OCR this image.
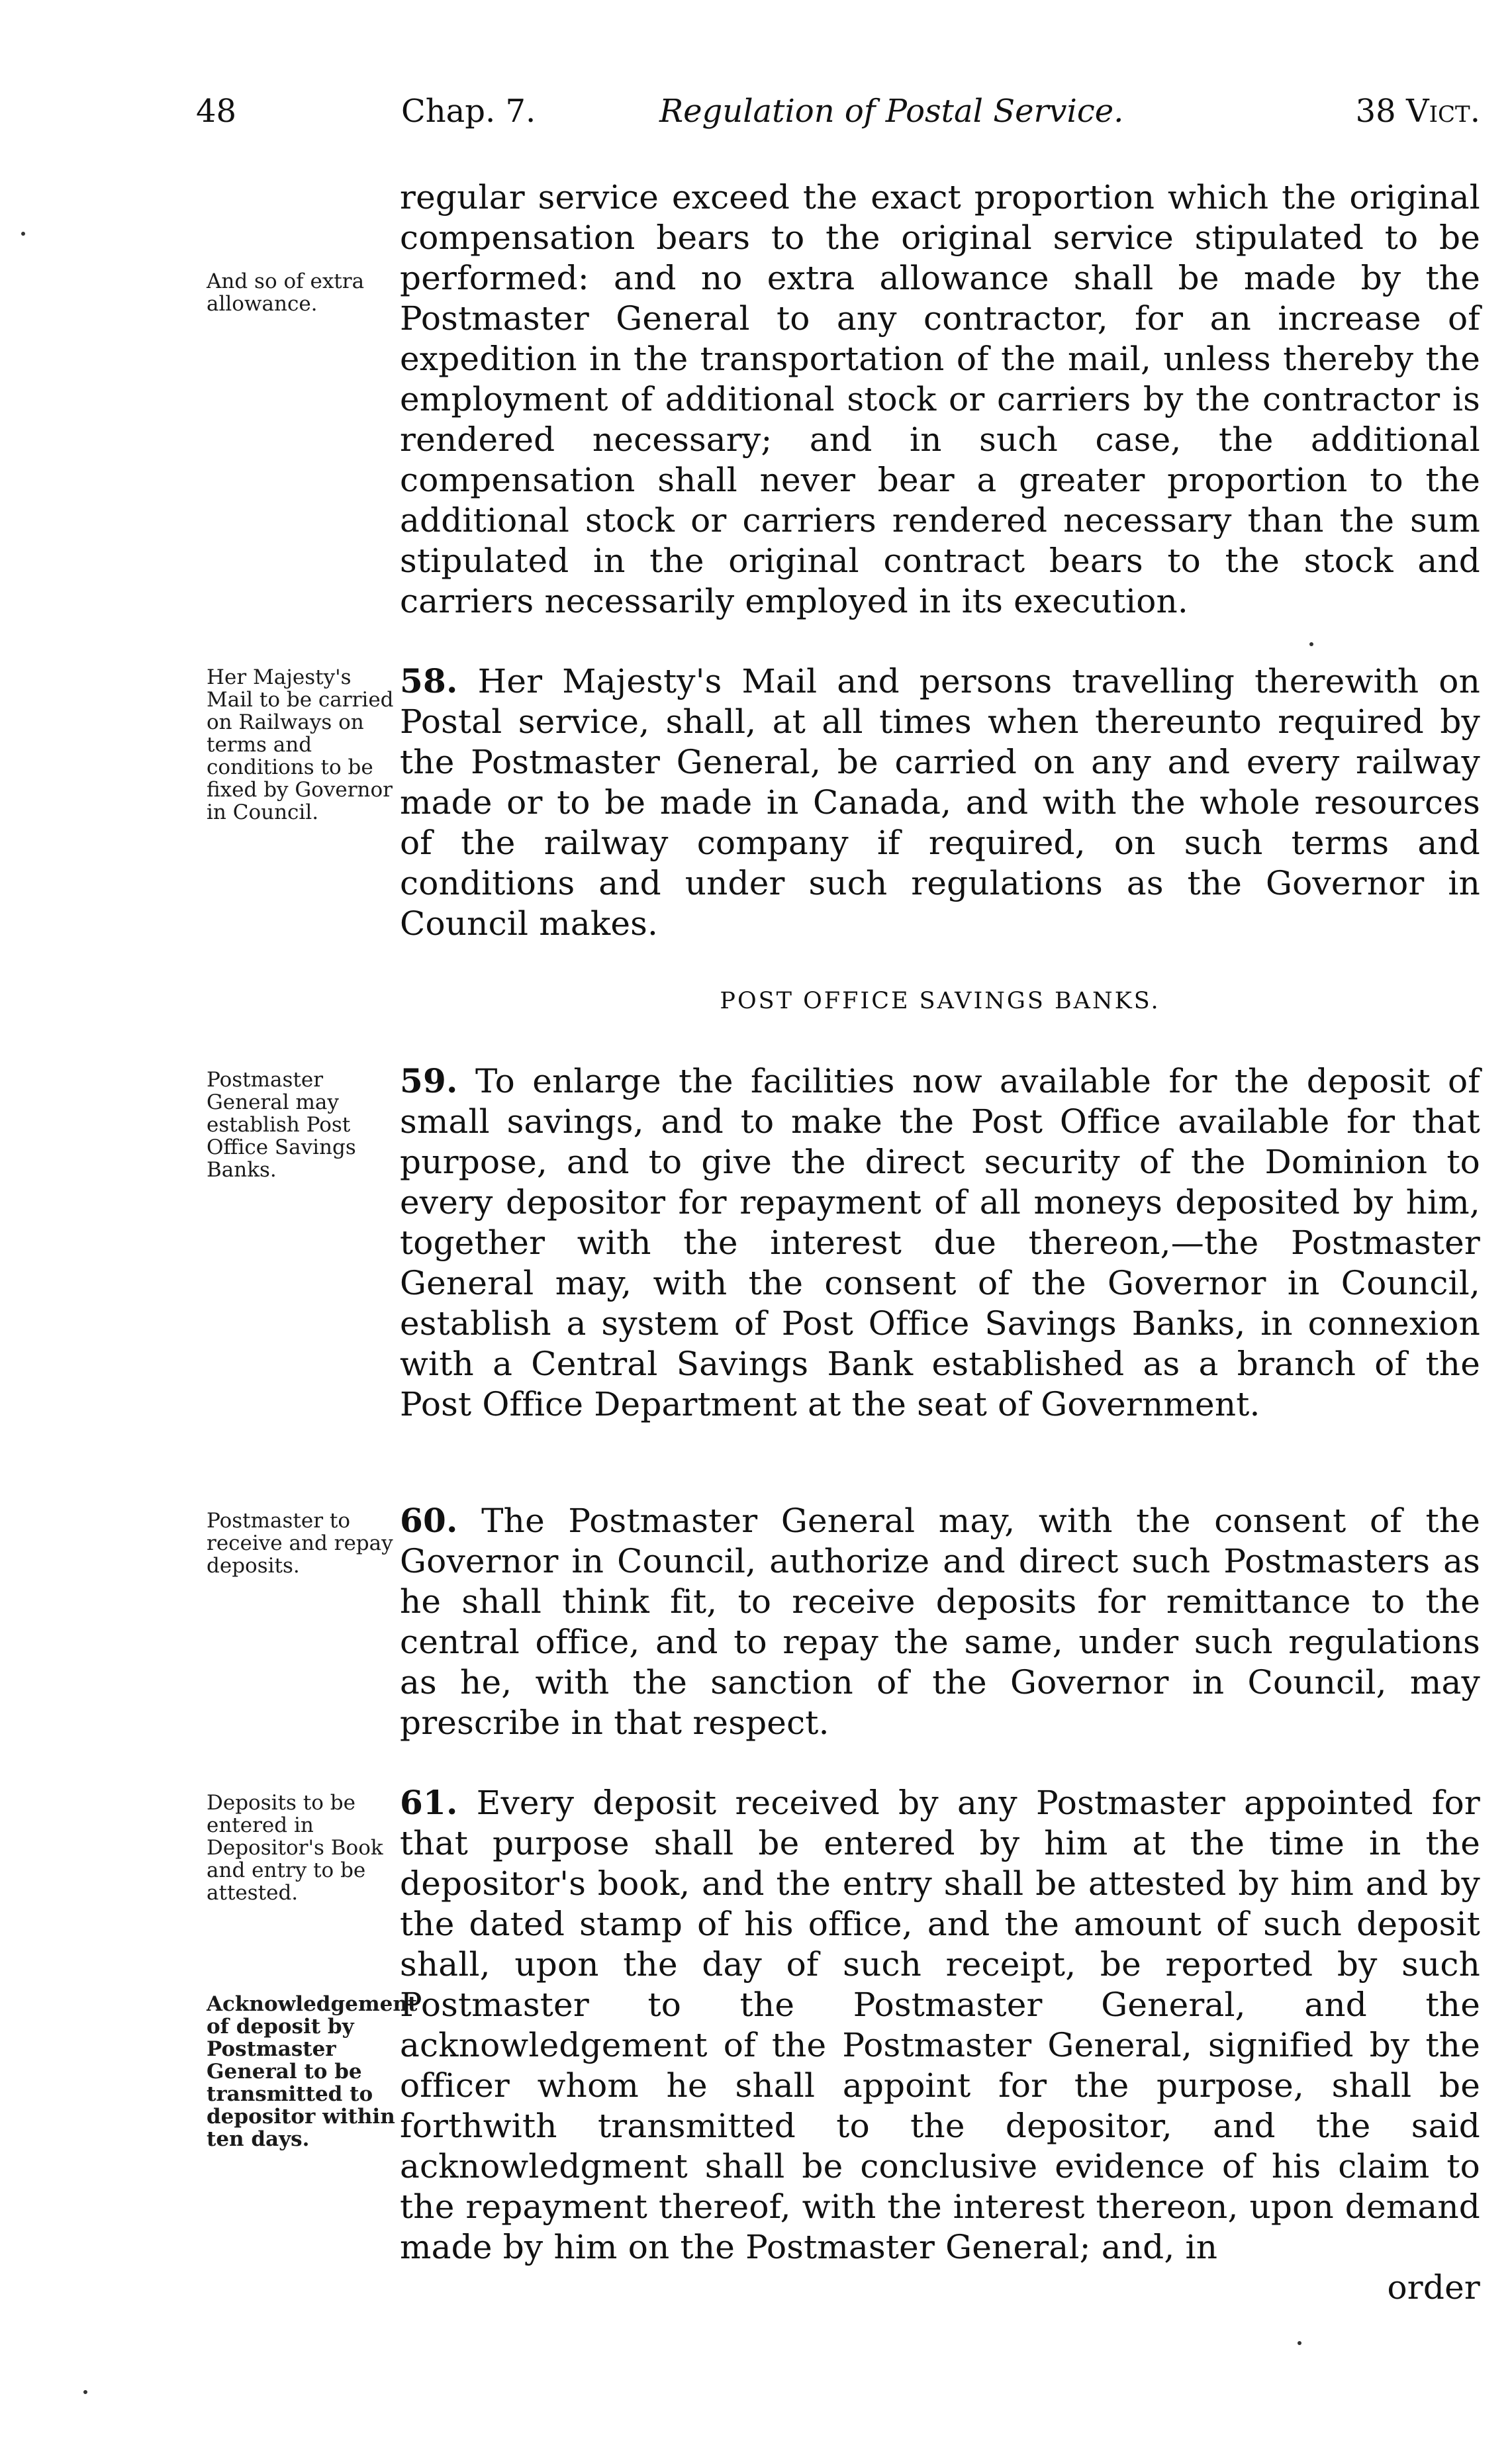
48	Chap. 7.	Regulation of Postal Service.	38 Vict.

regular service exceed the exact proportion which the original compensation bears to the original service stipulated to be performed: and no extra allowance shall be made by the Postmaster General to any contractor, for an increase of expedition in the transportation of the mail, unless thereby the employment of additional stock or carriers by the contractor is rendered necessary; and in such case, the additional compensation shall never bear a greater proportion to the additional stock or carriers rendered necessary than the sum stipulated in the original contract bears to the stock and carriers necessarily employed in its execution.

And so of extra allowance.

58. Her Majesty's Mail and persons travelling therewith on Postal service, shall, at all times when thereunto required by the Postmaster General, be carried on any and every railway made or to be made in Canada, and with the whole resources of the railway company if required, on such terms and conditions and under such regulations as the Governor in Council makes.

Her Majesty's Mail to be carried on Railways on terms and conditions to be fixed by Governor in Council.
POST OFFICE SAVINGS BANKS.

59. To enlarge the facilities now available for the deposit of small savings, and to make the Post Office available for that purpose, and to give the direct security of the Dominion to every depositor for repayment of all moneys deposited by him, together with the interest due thereon,—the Postmaster General may, with the consent of the Governor in Council, establish a system of Post Office Savings Banks, in connexion with a Central Savings Bank established as a branch of the Post Office Department at the seat of Government.

Postmaster General may establish Post Office Savings Banks.

60. The Postmaster General may, with the consent of the Governor in Council, authorize and direct such Postmasters as he shall think fit, to receive deposits for remittance to the central office, and to repay the same, under such regulations as he, with the sanction of the Governor in Council, may prescribe in that respect.

Postmaster to receive and repay deposits.

61. Every deposit received by any Postmaster appointed for that purpose shall be entered by him at the time in the depositor's book, and the entry shall be attested by him and by the dated stamp of his office, and the amount of such deposit shall, upon the day of such receipt, be reported by such Postmaster to the Postmaster General, and the acknowledgement of the Postmaster General, signified by the officer whom he shall appoint for the purpose, shall be forthwith transmitted to the depositor, and the said acknowledgment shall be conclusive evidence of his claim to the repayment thereof, with the interest thereon, upon demand made by him on the Postmaster General; and, in

order

Deposits to be entered in Depositor's Book and entry to be attested.
Acknowledgement of deposit by Postmaster General to be transmitted to depositor within ten days.
